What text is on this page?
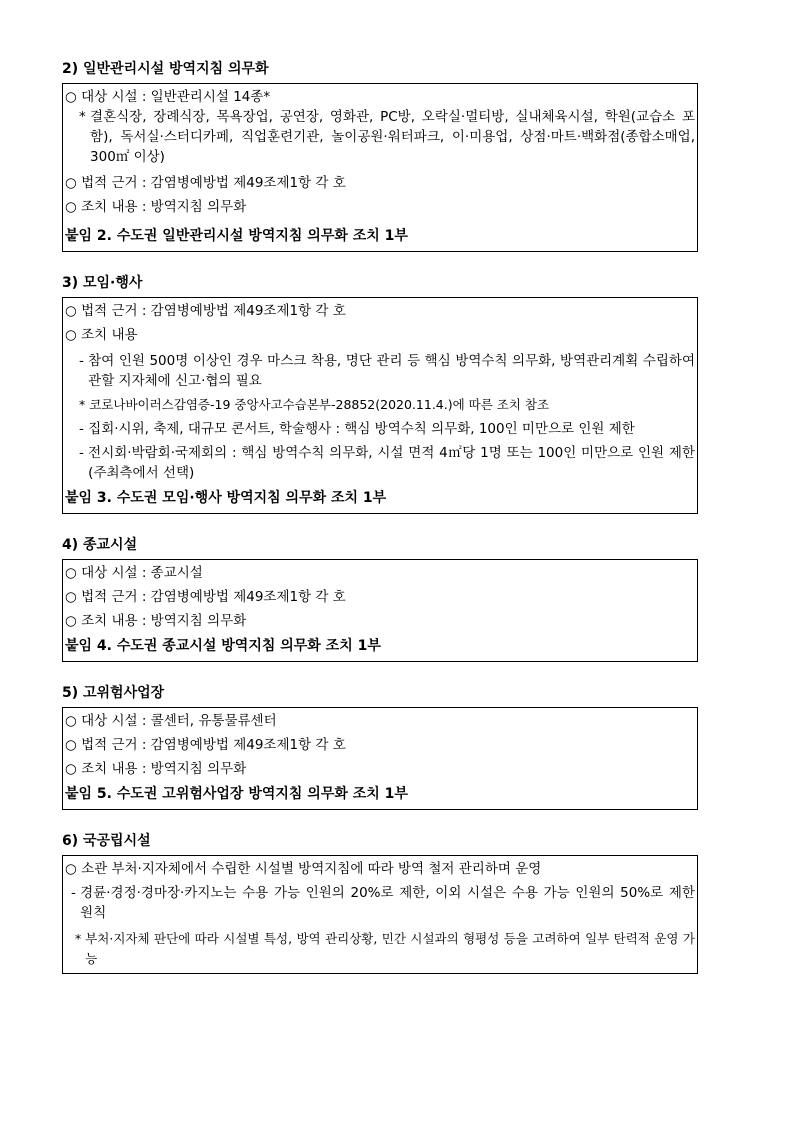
2) 일반관리시설 방역지침 의무화
○
대상 시설 : 일반관리시설 14종*
*
결혼식장, 장례식장, 목욕장업, 공연장, 영화관, PC방, 오락실·멀티방, 실내체육시설, 학원(교습소 포함), 독서실·스터디카페, 직업훈련기관, 놀이공원·워터파크, 이·미용업, 상점·마트·백화점(종합소매업, 300㎡ 이상)
○
법적 근거 : 감염병예방법 제49조제1항 각 호
○
조치 내용 : 방역지침 의무화
붙임 2. 수도권 일반관리시설 방역지침 의무화 조치 1부
3) 모임·행사
○
법적 근거 : 감염병예방법 제49조제1항 각 호
○
조치 내용
-
참여 인원 500명 이상인 경우 마스크 착용, 명단 관리 등 핵심 방역수칙 의무화, 방역관리계획 수립하여 관할 지자체에 신고·협의 필요
*
코로나바이러스감염증-19 중앙사고수습본부-28852(2020.11.4.)에 따른 조치 참조
-
집회·시위, 축제, 대규모 콘서트, 학술행사 : 핵심 방역수칙 의무화, 100인 미만으로 인원 제한
-
전시회·박람회·국제회의 : 핵심 방역수칙 의무화, 시설 면적 4㎡당 1명 또는 100인 미만으로 인원 제한(주최측에서 선택)
붙임 3. 수도권 모임·행사 방역지침 의무화 조치 1부
4) 종교시설
○
대상 시설 : 종교시설
○
법적 근거 : 감염병예방법 제49조제1항 각 호
○
조치 내용 : 방역지침 의무화
붙임 4. 수도권 종교시설 방역지침 의무화 조치 1부
5) 고위험사업장
○
대상 시설 : 콜센터, 유통물류센터
○
법적 근거 : 감염병예방법 제49조제1항 각 호
○
조치 내용 : 방역지침 의무화
붙임 5. 수도권 고위험사업장 방역지침 의무화 조치 1부
6) 국공립시설
○
소관 부처·지자체에서 수립한 시설별 방역지침에 따라 방역 철저 관리하며 운영
-
경륜·경정·경마장·카지노는 수용 가능 인원의 20%로 제한, 이외 시설은 수용 가능 인원의 50%로 제한 원칙
*
부처·지자체 판단에 따라 시설별 특성, 방역 관리상황, 민간 시설과의 형평성 등을 고려하여 일부 탄력적 운영 가능
